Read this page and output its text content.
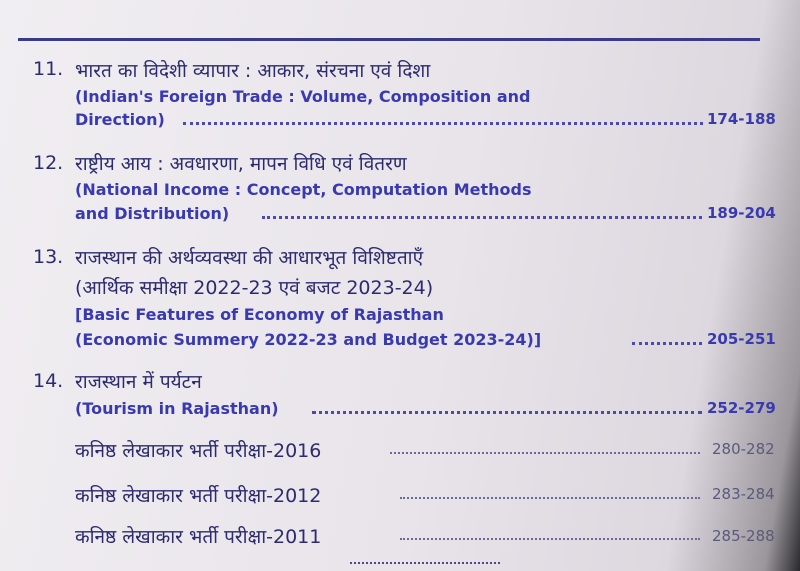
​
11. भारत का विदेशी व्यापार : आकार, संरचना एवं दिशा
(Indian's Foreign Trade : Volume, Composition and
Direction)	174-188
12. राष्ट्रीय आय : अवधारणा, मापन विधि एवं वितरण
(National Income : Concept, Computation Methods
and Distribution)	189-204
13. राजस्थान की अर्थव्यवस्था की आधारभूत विशिष्टताएँ
(आर्थिक समीक्षा 2022-23 एवं बजट 2023-24)
[Basic Features of Economy of Rajasthan
(Economic Summery 2022-23 and Budget 2023-24)]	205-251
14. राजस्थान में पर्यटन
(Tourism in Rajasthan)	252-279
कनिष्ठ लेखाकार भर्ती परीक्षा-2016	280-282
कनिष्ठ लेखाकार भर्ती परीक्षा-2012	283-284
कनिष्ठ लेखाकार भर्ती परीक्षा-2011	285-288
